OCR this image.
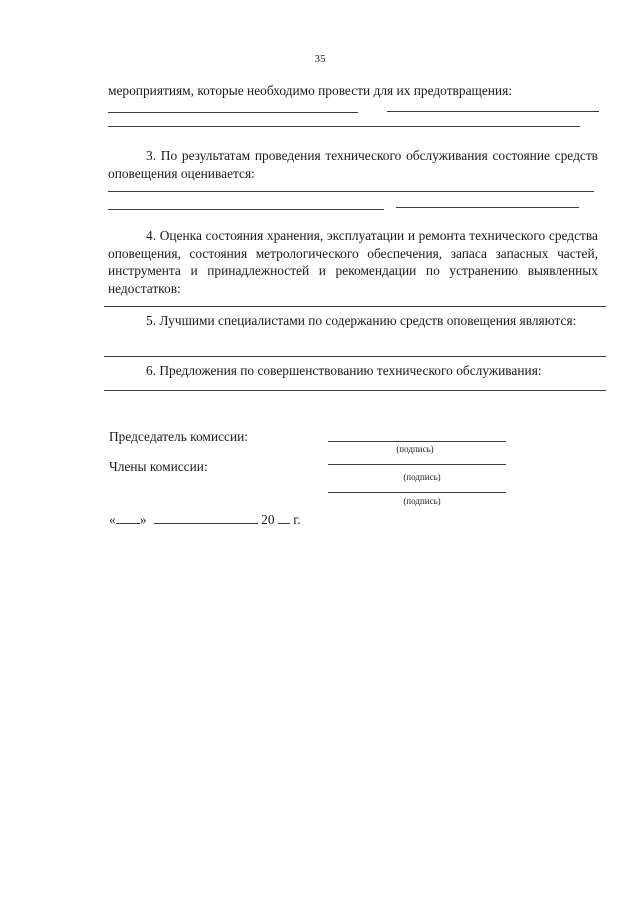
35
мероприятиям, которые необходимо провести для их предотвращения:
3. По результатам проведения технического обслуживания состояние средств оповещения оценивается:
4. Оценка состояния хранения, эксплуатации и ремонта технического средства оповещения, состояния метрологического обеспечения, запаса запасных частей, инструмента и принадлежностей и рекомендации по устранению выявленных недостатков:
5. Лучшими специалистами по содержанию средств оповещения являются:
6. Предложения по совершенствованию технического обслуживания:
Председатель комиссии:
(подпись)
Члены комиссии:
(подпись)
(подпись)
« »	20 г.
